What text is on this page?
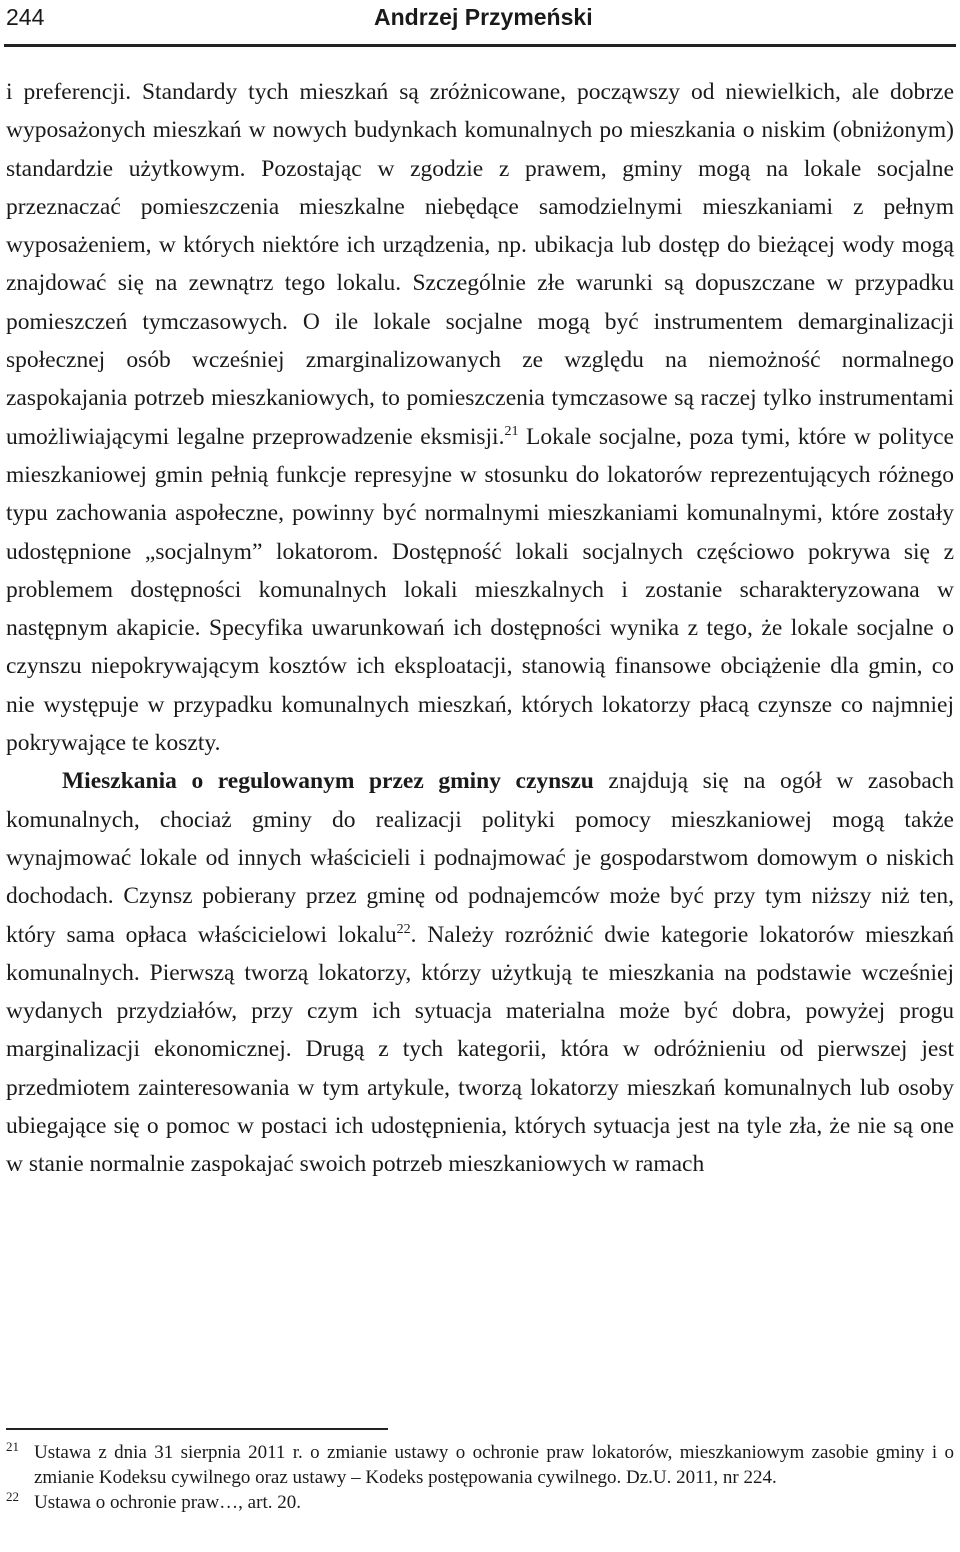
244	Andrzej Przymeński

i preferencji. Standardy tych mieszkań są zróżnicowane, począwszy od niewielkich, ale dobrze wyposażonych mieszkań w nowych budynkach komunalnych po mieszkania o niskim (obniżonym) standardzie użytkowym. Pozostając w zgodzie z prawem, gminy mogą na lokale socjalne przeznaczać pomieszczenia mieszkalne niebędące samodzielnymi mieszkaniami z pełnym wyposażeniem, w których niektóre ich urządzenia, np. ubikacja lub dostęp do bieżącej wody mogą znajdować się na zewnątrz tego lokalu. Szczególnie złe warunki są dopuszczane w przypadku pomieszczeń tymczasowych. O ile lokale socjalne mogą być instrumentem demarginalizacji społecznej osób wcześniej zmarginalizowanych ze względu na niemożność normalnego zaspokajania potrzeb mieszkaniowych, to pomieszczenia tymczasowe są raczej tylko instrumentami umożliwiającymi legalne przeprowadzenie eksmisji.$^{21}$ Lokale socjalne, poza tymi, które w polityce mieszkaniowej gmin pełnią funkcje represyjne w stosunku do lokatorów reprezentujących różnego typu zachowania aspołeczne, powinny być normalnymi mieszkaniami komunalnymi, które zostały udostępnione „socjalnym” lokatorom. Dostępność lokali socjalnych częściowo pokrywa się z problemem dostępności komunalnych lokali mieszkalnych i zostanie scharakteryzowana w następnym akapicie. Specyfika uwarunkowań ich dostępności wynika z tego, że lokale socjalne o czynszu niepokrywającym kosztów ich eksploatacji, stanowią finansowe obciążenie dla gmin, co nie występuje w przypadku komunalnych mieszkań, których lokatorzy płacą czynsze co najmniej pokrywające te koszty.

Mieszkania o regulowanym przez gminy czynszu znajdują się na ogół w zasobach komunalnych, chociaż gminy do realizacji polityki pomocy mieszkaniowej mogą także wynajmować lokale od innych właścicieli i podnajmować je gospodarstwom domowym o niskich dochodach. Czynsz pobierany przez gminę od podnajemców może być przy tym niższy niż ten, który sama opłaca właścicielowi lokalu$^{22}$. Należy rozróżnić dwie kategorie lokatorów mieszkań komunalnych. Pierwszą tworzą lokatorzy, którzy użytkują te mieszkania na podstawie wcześniej wydanych przydziałów, przy czym ich sytuacja materialna może być dobra, powyżej progu marginalizacji ekonomicznej. Drugą z tych kategorii, która w odróżnieniu od pierwszej jest przedmiotem zainteresowania w tym artykule, tworzą lokatorzy mieszkań komunalnych lub osoby ubiegające się o pomoc w postaci ich udostępnienia, których sytuacja jest na tyle zła, że nie są one w stanie normalnie zaspokajać swoich potrzeb mieszkaniowych w ramach

21 Ustawa z dnia 31 sierpnia 2011 r. o zmianie ustawy o ochronie praw lokatorów, mieszkaniowym zasobie gminy i o zmianie Kodeksu cywilnego oraz ustawy – Kodeks postępowania cywilnego. Dz.U. 2011, nr 224.

22 Ustawa o ochronie praw…, art. 20.
